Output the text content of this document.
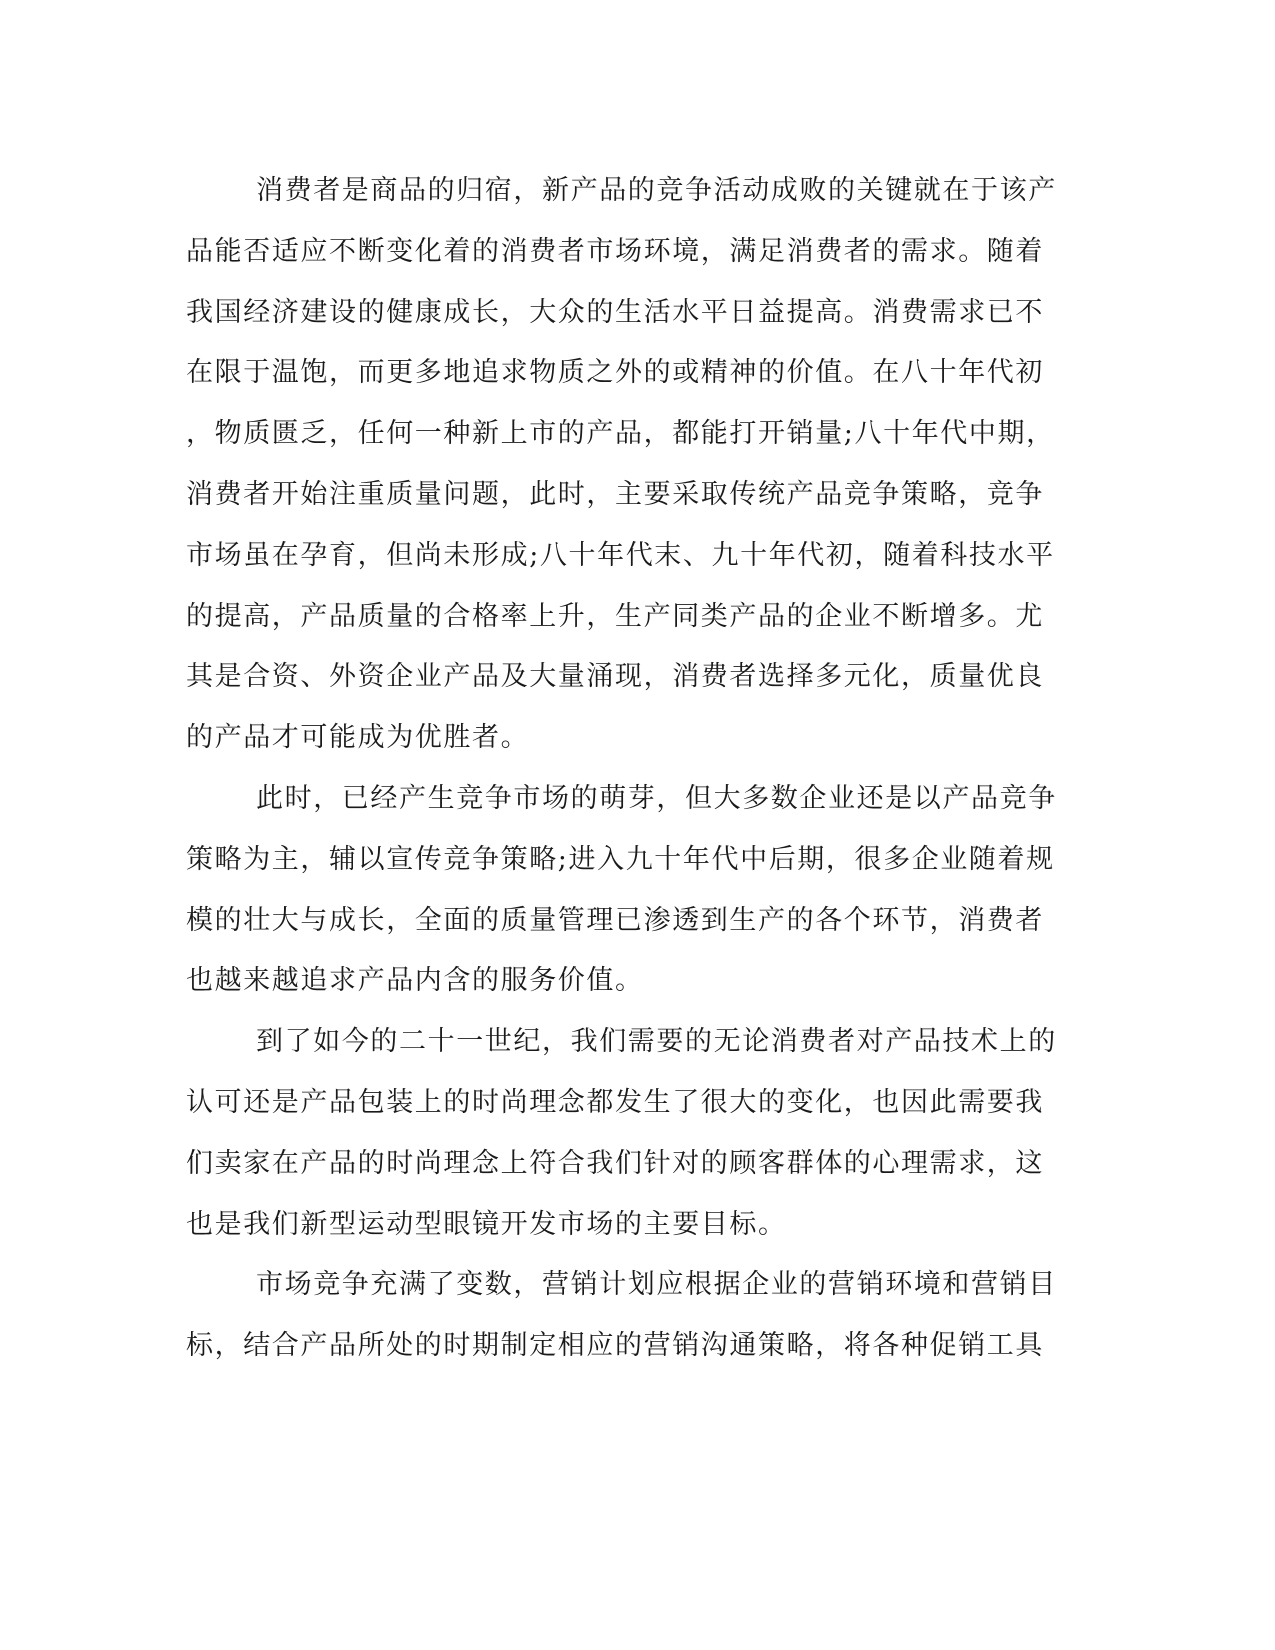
消费者是商品的归宿，新产品的竞争活动成败的关键就在于该产
品能否适应不断变化着的消费者市场环境，满足消费者的需求。随着
我国经济建设的健康成长，大众的生活水平日益提高。消费需求已不
在限于温饱，而更多地追求物质之外的或精神的价值。在八十年代初
，物质匮乏，任何一种新上市的产品，都能打开销量;八十年代中期，
消费者开始注重质量问题，此时，主要采取传统产品竞争策略，竞争
市场虽在孕育，但尚未形成;八十年代末、九十年代初，随着科技水平
的提高，产品质量的合格率上升，生产同类产品的企业不断增多。尤
其是合资、外资企业产品及大量涌现，消费者选择多元化，质量优良
的产品才可能成为优胜者。

此时，已经产生竞争市场的萌芽，但大多数企业还是以产品竞争
策略为主，辅以宣传竞争策略;进入九十年代中后期，很多企业随着规
模的壮大与成长，全面的质量管理已渗透到生产的各个环节，消费者
也越来越追求产品内含的服务价值。

到了如今的二十一世纪，我们需要的无论消费者对产品技术上的
认可还是产品包装上的时尚理念都发生了很大的变化，也因此需要我
们卖家在产品的时尚理念上符合我们针对的顾客群体的心理需求，这
也是我们新型运动型眼镜开发市场的主要目标。

市场竞争充满了变数，营销计划应根据企业的营销环境和营销目
标，结合产品所处的时期制定相应的营销沟通策略，将各种促销工具
